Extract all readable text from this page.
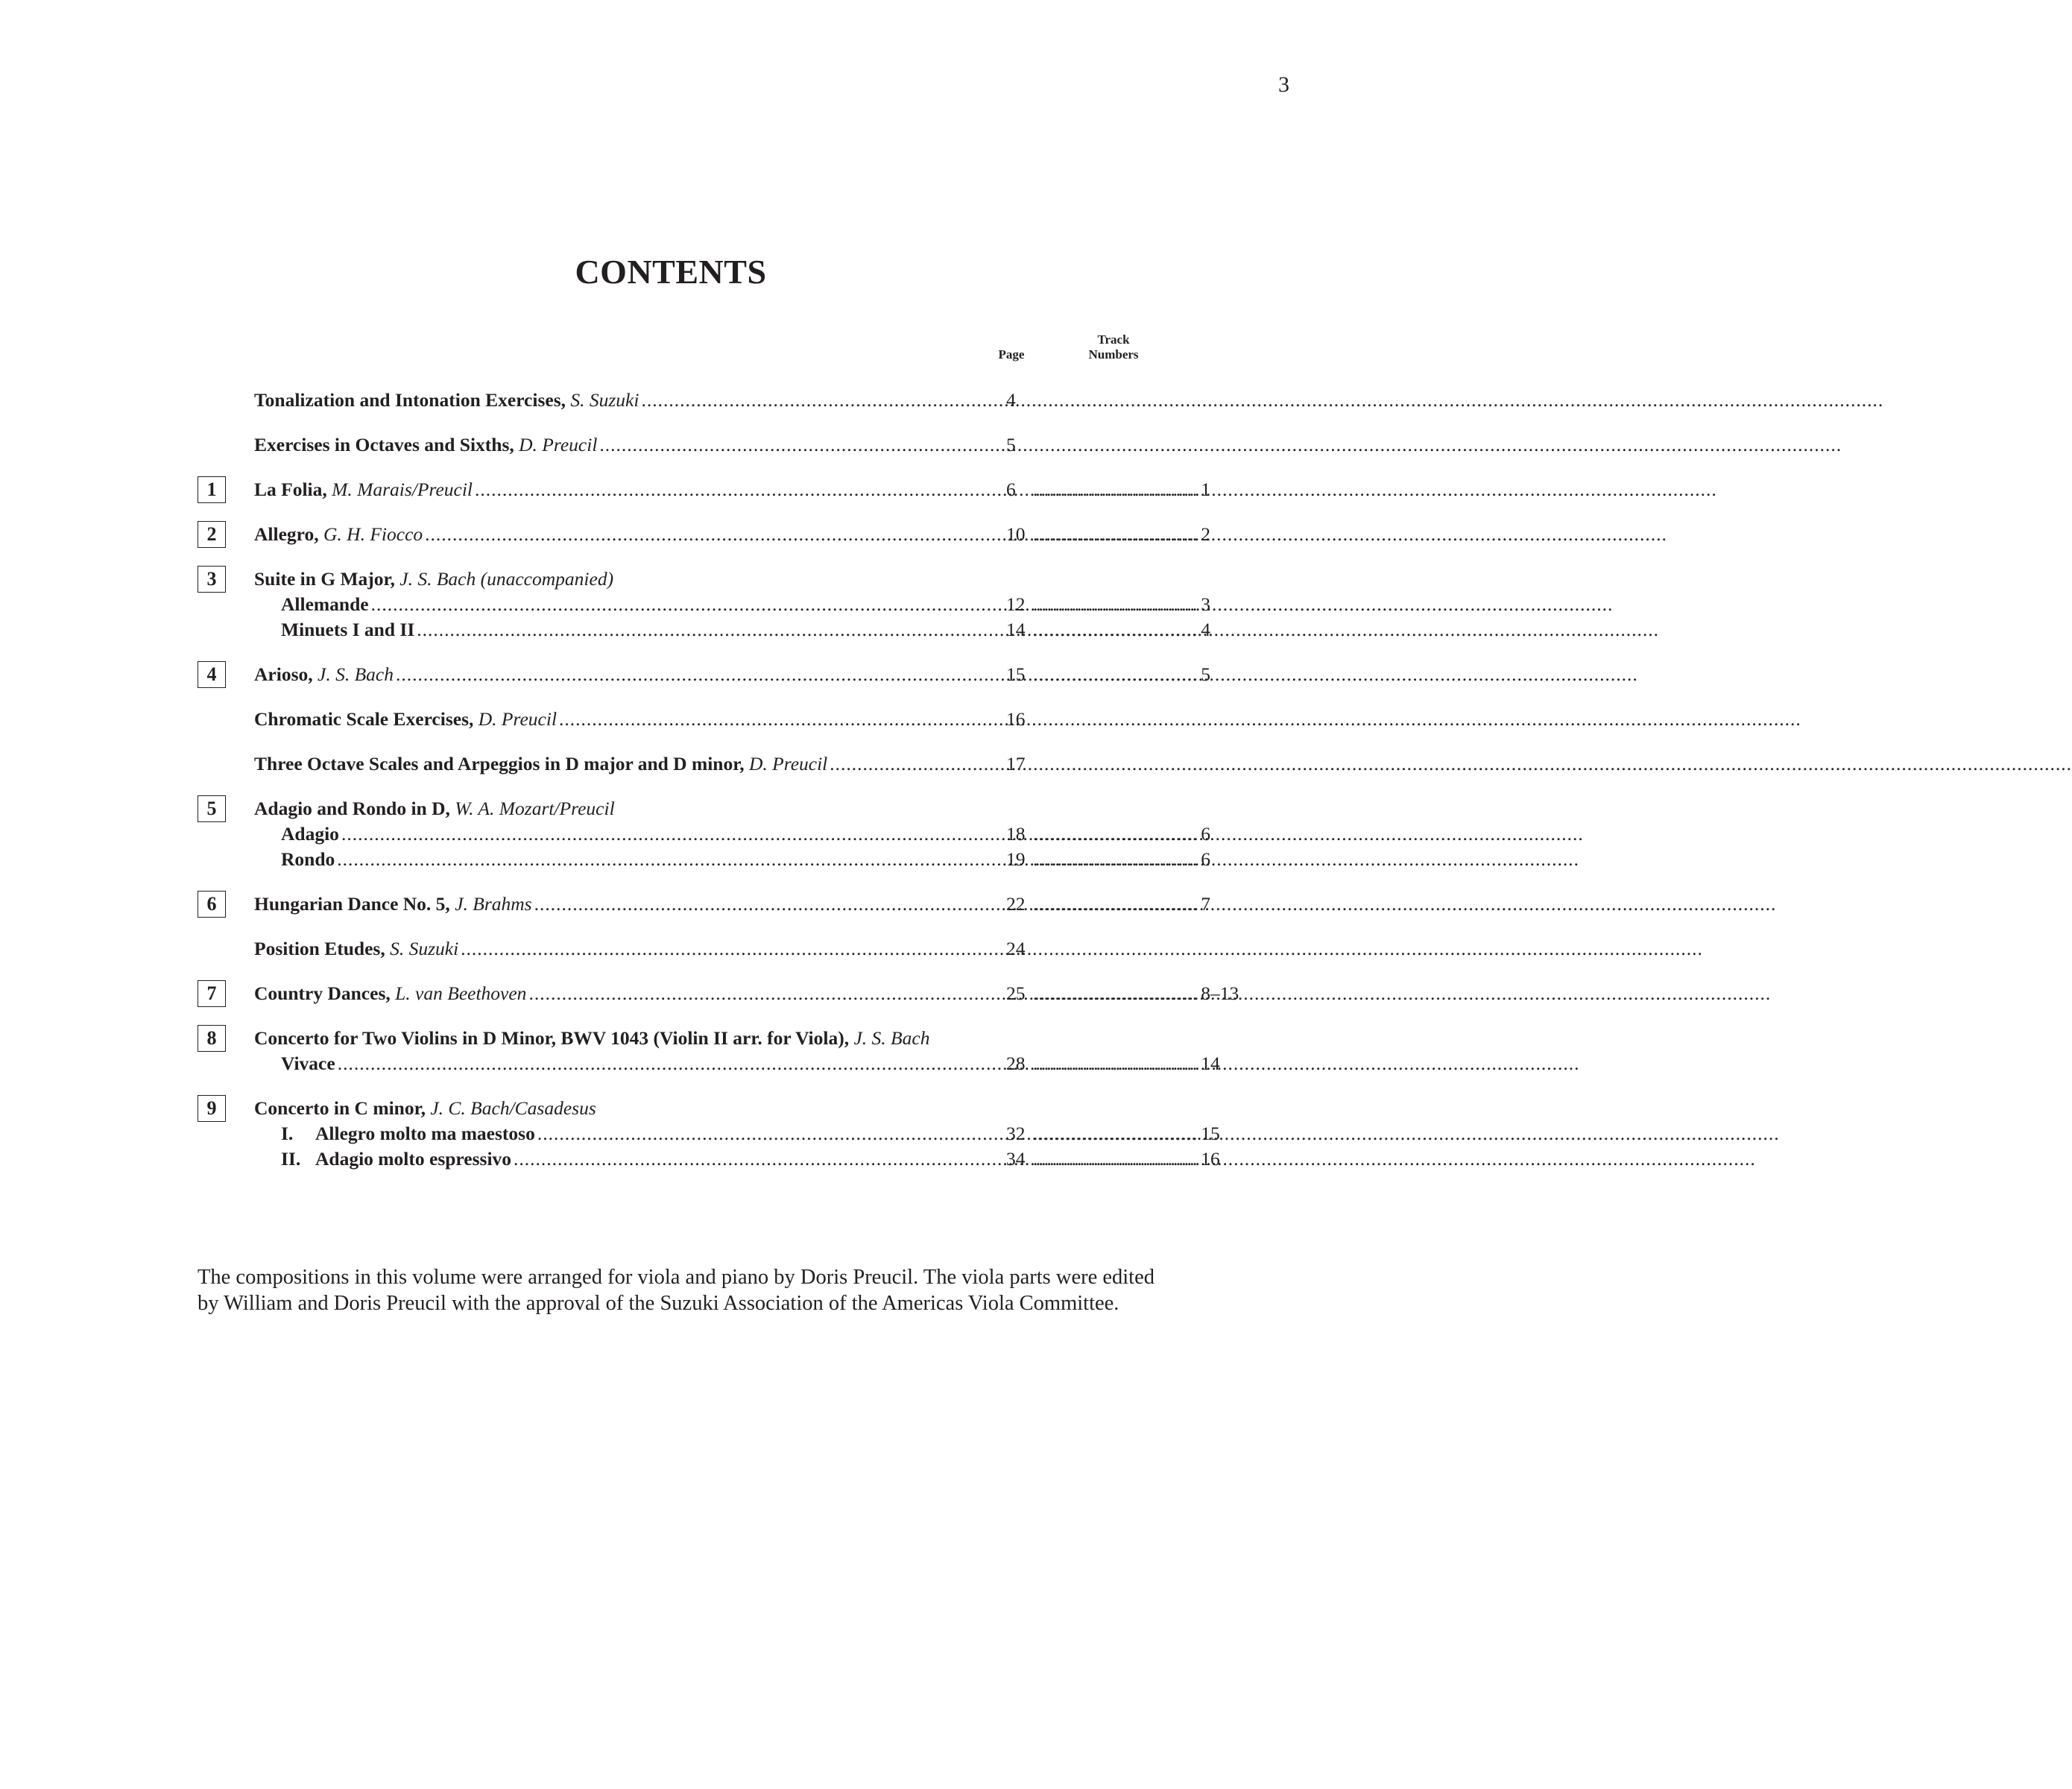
3
CONTENTS
Page
Track Numbers
Tonalization and Intonation Exercises, S. Suzuki .....	4
Exercises in Octaves and Sixths, D. Preucil .....	5
1	La Folia, M. Marais/Preucil .....	6 .............................. 1
2	Allegro, G. H. Fiocco .....	10 .............................. 2
3	Suite in G Major, J. S. Bach (unaccompanied)
Allemande .....	12 .............................. 3
Minuets I and II .....	14 .............................. 4
4	Arioso, J. S. Bach .....	15 .............................. 5
Chromatic Scale Exercises, D. Preucil .....	16
Three Octave Scales and Arpeggios in D major and D minor, D. Preucil .....	17
5	Adagio and Rondo in D, W. A. Mozart/Preucil
Adagio .....	18 .............................. 6
Rondo .....	19 .............................. 6
6	Hungarian Dance No. 5, J. Brahms .....	22 .............................. 7
Position Etudes, S. Suzuki .....	24
7	Country Dances, L. van Beethoven .....	25 .............................. 8–13
8	Concerto for Two Violins in D Minor, BWV 1043 (Violin II arr. for Viola), J. S. Bach
Vivace .....	28 .............................. 14
9	Concerto in C minor, J. C. Bach/Casadesus
I. Allegro molto ma maestoso .....	32 .............................. 15
II. Adagio molto espressivo .....	34 .............................. 16
The compositions in this volume were arranged for viola and piano by Doris Preucil. The viola parts were edited by William and Doris Preucil with the approval of the Suzuki Association of the Americas Viola Committee.
